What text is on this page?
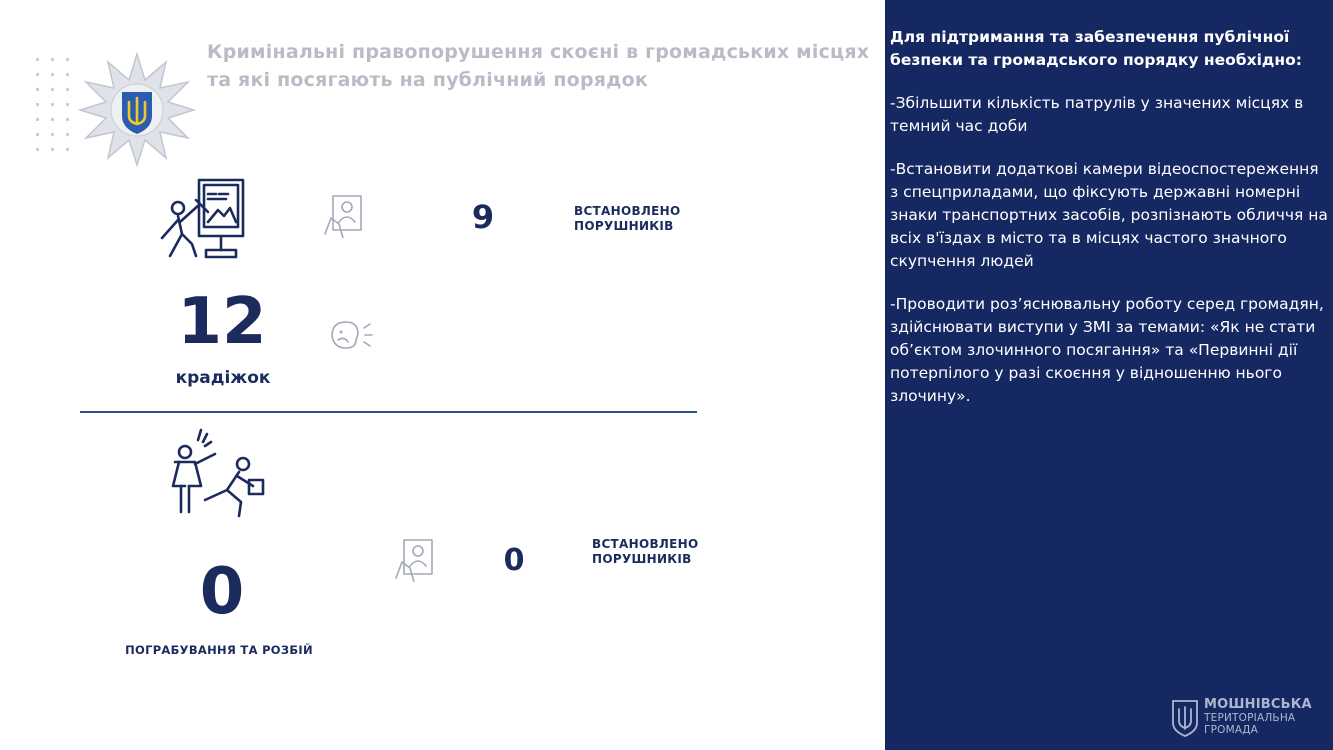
Кримінальні правопорушення скоєні в громадських місцях та які посягають на публічний порядок
9	ВСТАНОВЛЕНО ПОРУШНИКІВ
12
крадіжок
0	ВСТАНОВЛЕНО ПОРУШНИКІВ
0
ПОГРАБУВАННЯ ТА РОЗБІЙ
Для підтримання та забезпечення публічної безпеки та громадського порядку необхідно:
-Збільшити кількість патрулів у значених місцях в темний час доби
-Встановити додаткові камери відеоспостереження з спецприладами, що фіксують державні номерні знаки транспортних засобів, розпізнають обличчя на всіх в'їздах в місто та в місцях частого значного скупчення людей
-Проводити роз’яснювальну роботу серед громадян, здійснювати виступи у ЗМІ за темами: «Як не стати об’єктом злочинного посягання» та «Первинні дії потерпілого у разі скоєння у відношенню нього злочину».
МОШНІВСЬКА
ТЕРИТОРІАЛЬНА
ГРОМАДА
